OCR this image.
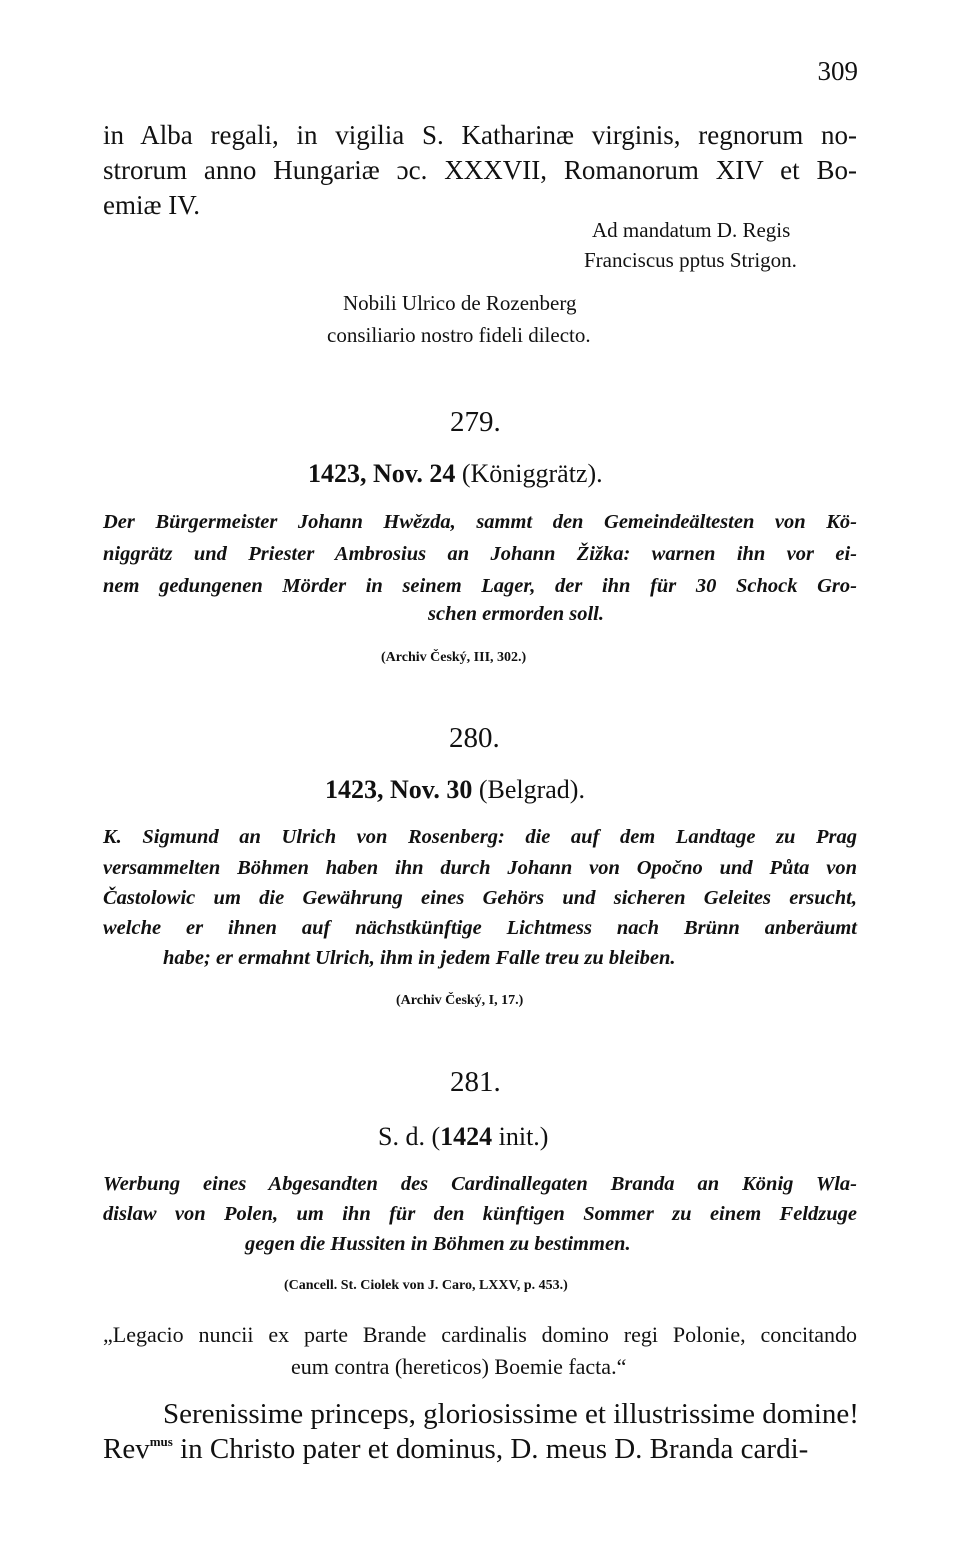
309
in Alba regali, in vigilia S. Katharinæ virginis, regnorum no-
strorum anno Hungariæ ɔc. XXXVII, Romanorum XIV et Bo-
emiæ IV.
Ad mandatum D. Regis
Franciscus pptus Strigon.
Nobili Ulrico de Rozenberg
consiliario nostro fideli dilecto.
279.
1423, Nov. 24 (Königgrätz).
Der Bürgermeister Johann Hwězda, sammt den Gemeindeältesten von Kö-
niggrätz und Priester Ambrosius an Johann Žižka: warnen ihn vor ei-
nem gedungenen Mörder in seinem Lager, der ihn für 30 Schock Gro-
schen ermorden soll.
(Archiv Český, III, 302.)
280.
1423, Nov. 30 (Belgrad).
K. Sigmund an Ulrich von Rosenberg: die auf dem Landtage zu Prag
versammelten Böhmen haben ihn durch Johann von Opočno und Půta von
Častolowic um die Gewährung eines Gehörs und sicheren Geleites ersucht,
welche er ihnen auf nächstkünftige Lichtmess nach Brünn anberäumt
habe; er ermahnt Ulrich, ihm in jedem Falle treu zu bleiben.
(Archiv Český, I, 17.)
281.
S. d. (1424 init.)
Werbung eines Abgesandten des Cardinallegaten Branda an König Wla-
dislaw von Polen, um ihn für den künftigen Sommer zu einem Feldzuge
gegen die Hussiten in Böhmen zu bestimmen.
(Cancell. St. Ciolek von J. Caro, LXXV, p. 453.)
„Legacio nuncii ex parte Brande cardinalis domino regi Polonie, concitando
eum contra (hereticos) Boemie facta.“
Serenissime princeps, gloriosissime et illustrissime domine!
Rev$^{mus}$ in Christo pater et dominus, D. meus D. Branda cardi-
